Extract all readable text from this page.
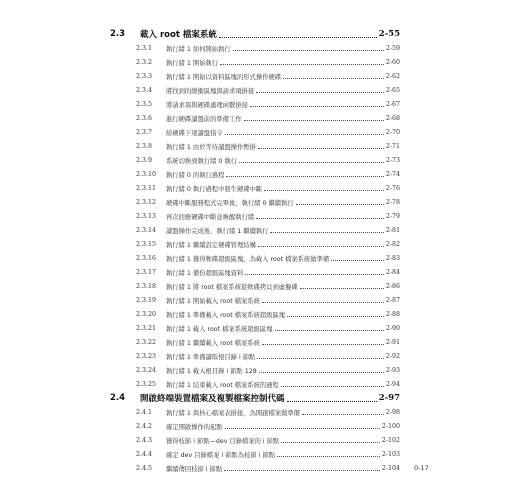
2.3	載入 root 檔案系統	2-55
2.3.1	執行緒 1 如何開始執行	2-59
2.3.2	執行緒 1 開始執行	2-60
2.3.3	執行緒 1 開始以資料區塊的形式操作硬碟	2-62
2.3.4	將找到的緩衝區塊與請求項掛接	2-65
2.3.5	將請求項與硬碟處理函數掛接	2-67
2.3.6	進行硬碟讀盤前的準備工作	2-68
2.3.7	給硬碟下達讀盤指令	2-70
2.3.8	執行緒 1 由於等待讀盤操作暫掛	2-71
2.3.9	系統切換到執行緒 0 執行	2-73
2.3.10	執行緒 0 的執行過程	2-74
2.3.11	執行緒 0 執行過程中發生硬碟中斷	2-76
2.3.12	硬碟中斷服務程式完畢後，執行緒 0 繼續執行	2-78
2.3.13	再次回應硬碟中斷並喚醒執行緒	2-79
2.3.14	讀盤操作完成後，執行緒 1 繼續執行	2-81
2.3.15	執行緒 1 繼續設定硬碟管理結構	2-82
2.3.16	執行緒 1 獲得軟碟超級區塊，為載入 root 檔案系統做準備	2-83
2.3.17	執行緒 1 備份超級區塊資料	2-84
2.3.18	執行緒 1 將 root 檔案系統從軟碟拷貝到虛擬碟	2-86
2.3.19	執行緒 1 開始載入 root 檔案系統	2-87
2.3.20	執行緒 1 準備載入 root 檔案系統超級區塊	2-88
2.3.21	執行緒 1 載入 root 檔案系統超級區塊	2-90
2.3.22	執行緒 1 繼續載入 root 檔案系統	2-91
2.3.23	執行緒 1 準備讀取根目錄 i 節點	2-92
2.3.24	執行緒 1 載入根目錄 i 節點 128	2-93
2.3.25	執行緒 1 結束載入 root 檔案系統的過程	2-94
2.4	開啟終端裝置檔案及複製檔案控制代碼	2-97
2.4.1	執行緒 1 與核心檔案表掛接，為開啟檔案做準備	2-98
2.4.2	確定開啟操作的起點	2-100
2.4.3	獲得枝節 i 節點—dev 目錄檔案的 i 節點	2-102
2.4.4	確定 dev 目錄檔案 i 節點為枝節 i 節點	2-103
2.4.5	繼續傳回枝節 i 節點	2-104 0-17
